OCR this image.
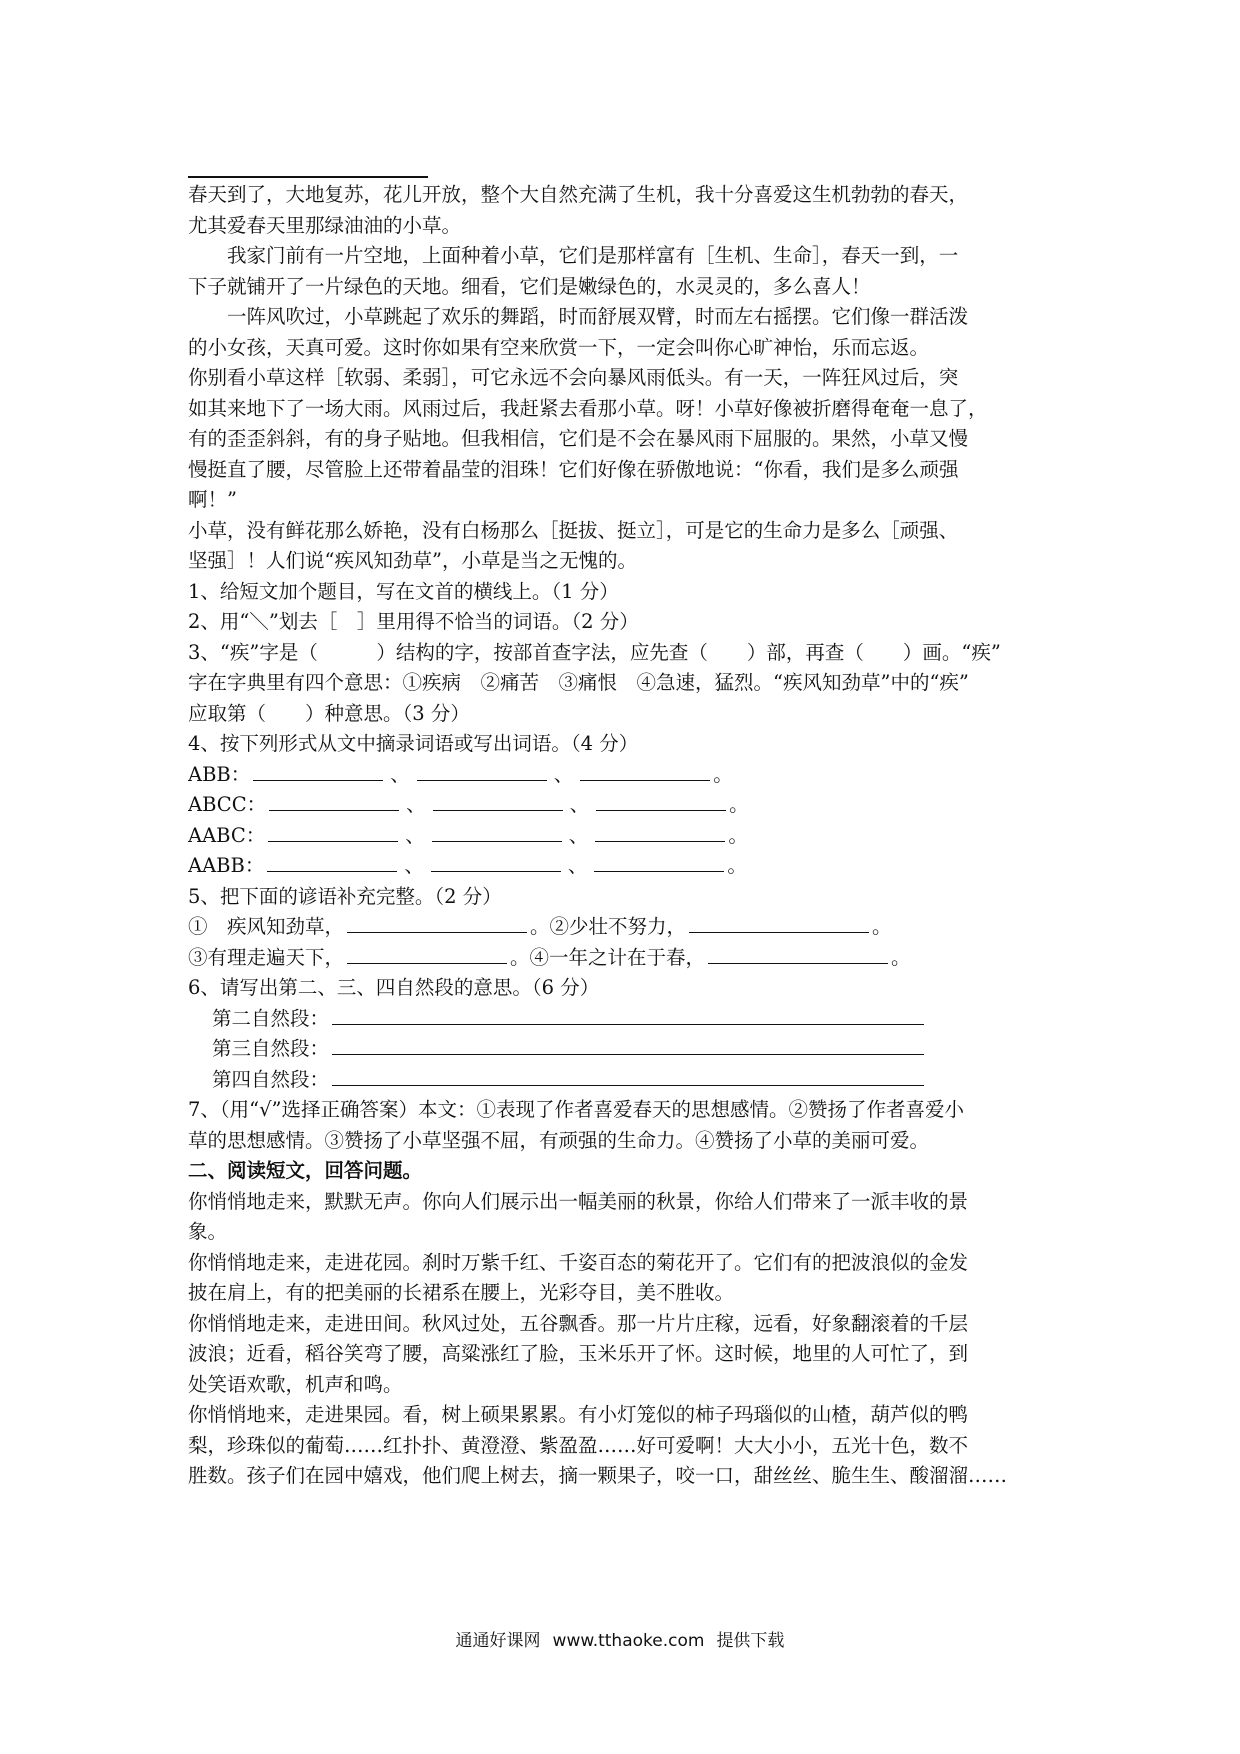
春天到了，大地复苏，花儿开放，整个大自然充满了生机，我十分喜爱这生机勃勃的春天，
尤其爱春天里那绿油油的小草。
我家门前有一片空地，上面种着小草，它们是那样富有［生机、生命］，春天一到，一
下子就铺开了一片绿色的天地。细看，它们是嫩绿色的，水灵灵的，多么喜人！
一阵风吹过，小草跳起了欢乐的舞蹈，时而舒展双臂，时而左右摇摆。它们像一群活泼
的小女孩，天真可爱。这时你如果有空来欣赏一下，一定会叫你心旷神怡，乐而忘返。
你别看小草这样［软弱、柔弱］，可它永远不会向暴风雨低头。有一天，一阵狂风过后，突
如其来地下了一场大雨。风雨过后，我赶紧去看那小草。呀！小草好像被折磨得奄奄一息了，
有的歪歪斜斜，有的身子贴地。但我相信，它们是不会在暴风雨下屈服的。果然，小草又慢
慢挺直了腰，尽管脸上还带着晶莹的泪珠！它们好像在骄傲地说：“你看，我们是多么顽强
啊！”
小草，没有鲜花那么娇艳，没有白杨那么［挺拔、挺立］，可是它的生命力是多么［顽强、
坚强］！人们说“疾风知劲草”，小草是当之无愧的。
1、给短文加个题目，写在文首的横线上。（1 分）
2、用“＼”划去［　］里用得不恰当的词语。（2 分）
3、“疾”字是（　　　）结构的字，按部首查字法，应先查（　　）部，再查（　　）画。“疾”
字在字典里有四个意思：①疾病　②痛苦　③痛恨　④急速，猛烈。“疾风知劲草”中的“疾”
应取第（　　）种意思。（3 分）
4、按下列形式从文中摘录词语或写出词语。（4 分）
ABB：	、	、	。
ABCC：	、	、	。
AABC：	、	、	。
AABB：	、	、	。
5、把下面的谚语补充完整。（2 分）
①　疾风知劲草，	。②少壮不努力，	。
③有理走遍天下，	。④一年之计在于春，	。
6、请写出第二、三、四自然段的意思。（6 分）
第二自然段：
第三自然段：
第四自然段：
7、（用“√”选择正确答案）本文：①表现了作者喜爱春天的思想感情。②赞扬了作者喜爱小
草的思想感情。③赞扬了小草坚强不屈，有顽强的生命力。④赞扬了小草的美丽可爱。
二、阅读短文，回答问题。
你悄悄地走来，默默无声。你向人们展示出一幅美丽的秋景，你给人们带来了一派丰收的景
象。
你悄悄地走来，走进花园。刹时万紫千红、千姿百态的菊花开了。它们有的把波浪似的金发
披在肩上，有的把美丽的长裙系在腰上，光彩夺目，美不胜收。
你悄悄地走来，走进田间。秋风过处，五谷飘香。那一片片庄稼，远看，好象翻滚着的千层
波浪；近看，稻谷笑弯了腰，高粱涨红了脸，玉米乐开了怀。这时候，地里的人可忙了，到
处笑语欢歌，机声和鸣。
你悄悄地来，走进果园。看，树上硕果累累。有小灯笼似的柿子玛瑙似的山楂，葫芦似的鸭
梨，珍珠似的葡萄……红扑扑、黄澄澄、紫盈盈……好可爱啊！大大小小，五光十色，数不
胜数。孩子们在园中嬉戏，他们爬上树去，摘一颗果子，咬一口，甜丝丝、脆生生、酸溜溜……
通通好课网 www.tthaoke.com 提供下载
